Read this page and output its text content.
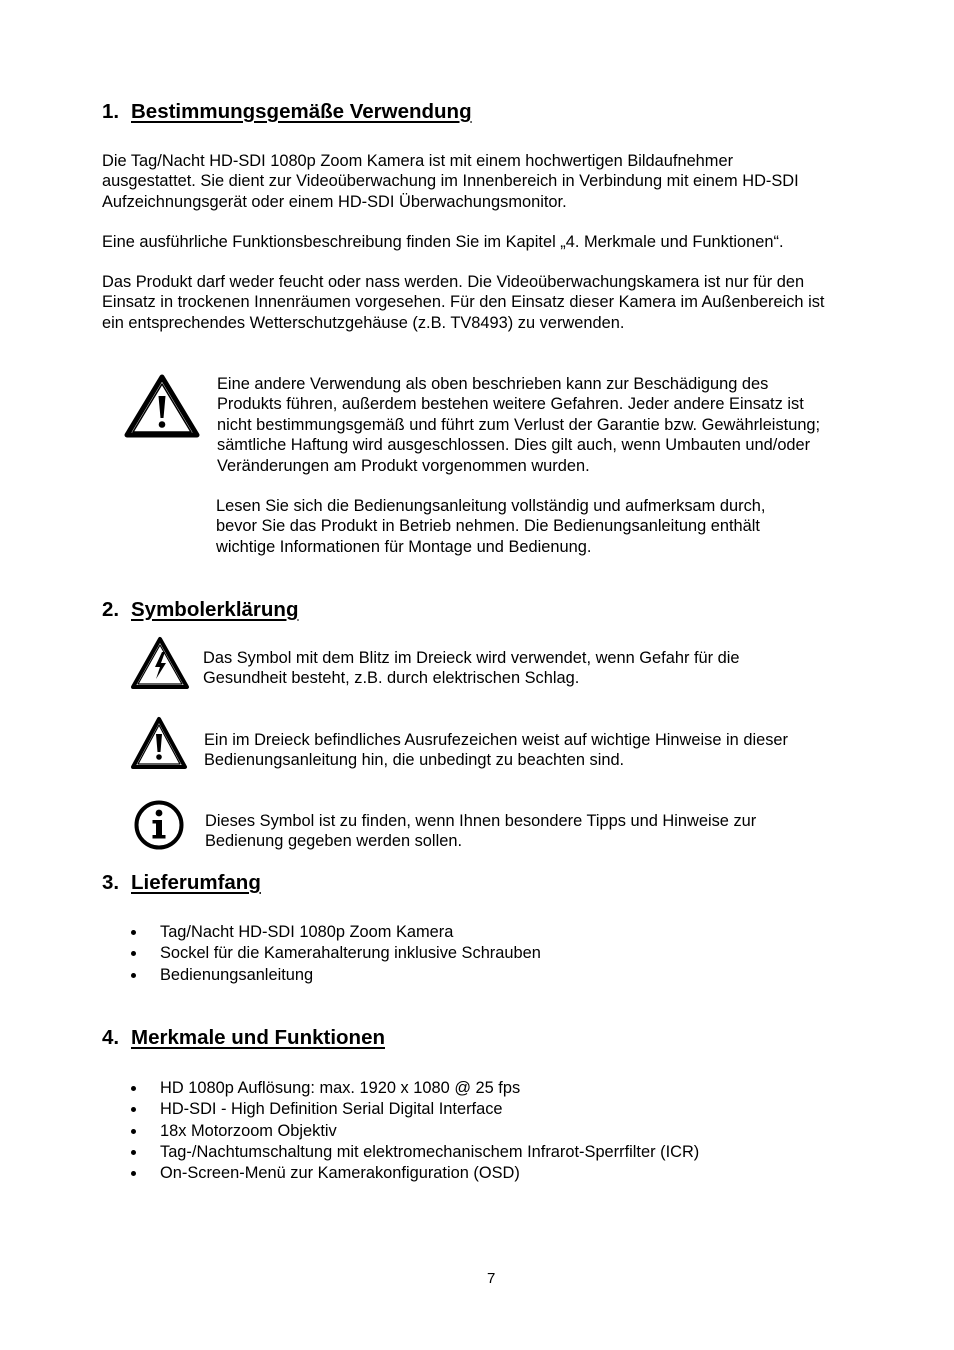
1. Bestimmungsgemäße Verwendung
Die Tag/Nacht HD-SDI 1080p Zoom Kamera ist mit einem hochwertigen Bildaufnehmer
ausgestattet. Sie dient zur Videoüberwachung im Innenbereich in Verbindung mit einem HD-SDI
Aufzeichnungsgerät oder einem HD-SDI Überwachungsmonitor.
Eine ausführliche Funktionsbeschreibung finden Sie im Kapitel „4. Merkmale und Funktionen“.
Das Produkt darf weder feucht oder nass werden. Die Videoüberwachungskamera ist nur für den
Einsatz in trockenen Innenräumen vorgesehen. Für den Einsatz dieser Kamera im Außenbereich ist
ein entsprechendes Wetterschutzgehäuse (z.B. TV8493) zu verwenden.
Eine andere Verwendung als oben beschrieben kann zur Beschädigung des
Produkts führen, außerdem bestehen weitere Gefahren. Jeder andere Einsatz ist
nicht bestimmungsgemäß und führt zum Verlust der Garantie bzw. Gewährleistung;
sämtliche Haftung wird ausgeschlossen. Dies gilt auch, wenn Umbauten und/oder
Veränderungen am Produkt vorgenommen wurden.
Lesen Sie sich die Bedienungsanleitung vollständig und aufmerksam durch,
bevor Sie das Produkt in Betrieb nehmen. Die Bedienungsanleitung enthält
wichtige Informationen für Montage und Bedienung.
2. Symbolerklärung
Das Symbol mit dem Blitz im Dreieck wird verwendet, wenn Gefahr für die
Gesundheit besteht, z.B. durch elektrischen Schlag.
Ein im Dreieck befindliches Ausrufezeichen weist auf wichtige Hinweise in dieser
Bedienungsanleitung hin, die unbedingt zu beachten sind.
Dieses Symbol ist zu finden, wenn Ihnen besondere Tipps und Hinweise zur
Bedienung gegeben werden sollen.
3. Lieferumfang
Tag/Nacht HD-SDI 1080p Zoom Kamera
Sockel für die Kamerahalterung inklusive Schrauben
Bedienungsanleitung
4. Merkmale und Funktionen
HD 1080p Auflösung: max. 1920 x 1080 @ 25 fps
HD-SDI - High Definition Serial Digital Interface
18x Motorzoom Objektiv
Tag-/Nachtumschaltung mit elektromechanischem Infrarot-Sperrfilter (ICR)
On-Screen-Menü zur Kamerakonfiguration (OSD)
7
